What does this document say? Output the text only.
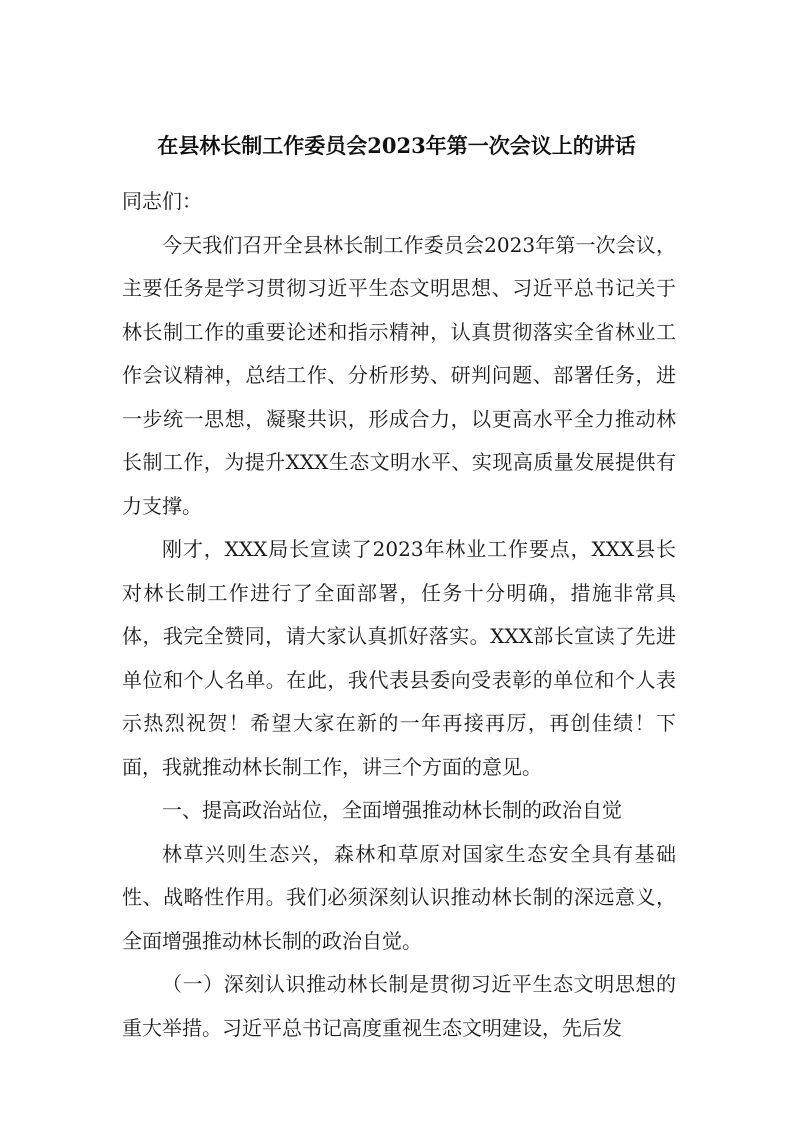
在县林长制工作委员会2023年第一次会议上的讲话

同志们：

今天我们召开全县林长制工作委员会2023年第一次会议，主要任务是学习贯彻习近平生态文明思想、习近平总书记关于林长制工作的重要论述和指示精神，认真贯彻落实全省林业工作会议精神，总结工作、分析形势、研判问题、部署任务，进一步统一思想，凝聚共识，形成合力，以更高水平全力推动林长制工作，为提升XXX生态文明水平、实现高质量发展提供有力支撑。

刚才，XXX局长宣读了2023年林业工作要点，XXX县长对林长制工作进行了全面部署，任务十分明确，措施非常具体，我完全赞同，请大家认真抓好落实。XXX部长宣读了先进单位和个人名单。在此，我代表县委向受表彰的单位和个人表示热烈祝贺！希望大家在新的一年再接再厉，再创佳绩！下面，我就推动林长制工作，讲三个方面的意见。

一、提高政治站位，全面增强推动林长制的政治自觉

林草兴则生态兴，森林和草原对国家生态安全具有基础性、战略性作用。我们必须深刻认识推动林长制的深远意义，全面增强推动林长制的政治自觉。

（一）深刻认识推动林长制是贯彻习近平生态文明思想的重大举措。习近平总书记高度重视生态文明建设，先后发
